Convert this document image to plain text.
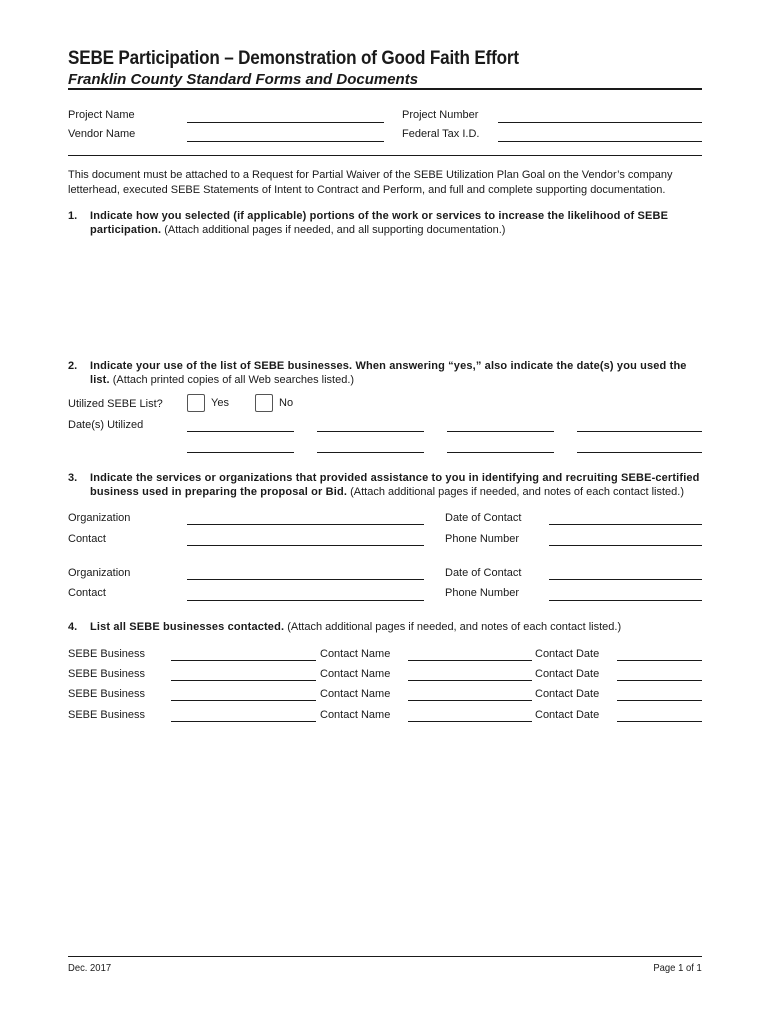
SEBE Participation – Demonstration of Good Faith Effort
Franklin County Standard Forms and Documents
Project Name	Project Number
Vendor Name	Federal Tax I.D.
This document must be attached to a Request for Partial Waiver of the SEBE Utilization Plan Goal on the Vendor’s company letterhead, executed SEBE Statements of Intent to Contract and Perform, and full and complete supporting documentation.
1. Indicate how you selected (if applicable) portions of the work or services to increase the likelihood of SEBE participation. (Attach additional pages if needed, and all supporting documentation.)
2. Indicate your use of the list of SEBE businesses. When answering “yes,” also indicate the date(s) you used the list. (Attach printed copies of all Web searches listed.)
Utilized SEBE List?	Yes	No
Date(s) Utilized
3. Indicate the services or organizations that provided assistance to you in identifying and recruiting SEBE-certified business used in preparing the proposal or Bid. (Attach additional pages if needed, and notes of each contact listed.)
Organization	Date of Contact
Contact	Phone Number
Organization	Date of Contact
Contact	Phone Number
4. List all SEBE businesses contacted. (Attach additional pages if needed, and notes of each contact listed.)
SEBE Business	Contact Name	Contact Date
SEBE Business	Contact Name	Contact Date
SEBE Business	Contact Name	Contact Date
SEBE Business	Contact Name	Contact Date
Dec. 2017	Page 1 of 1
